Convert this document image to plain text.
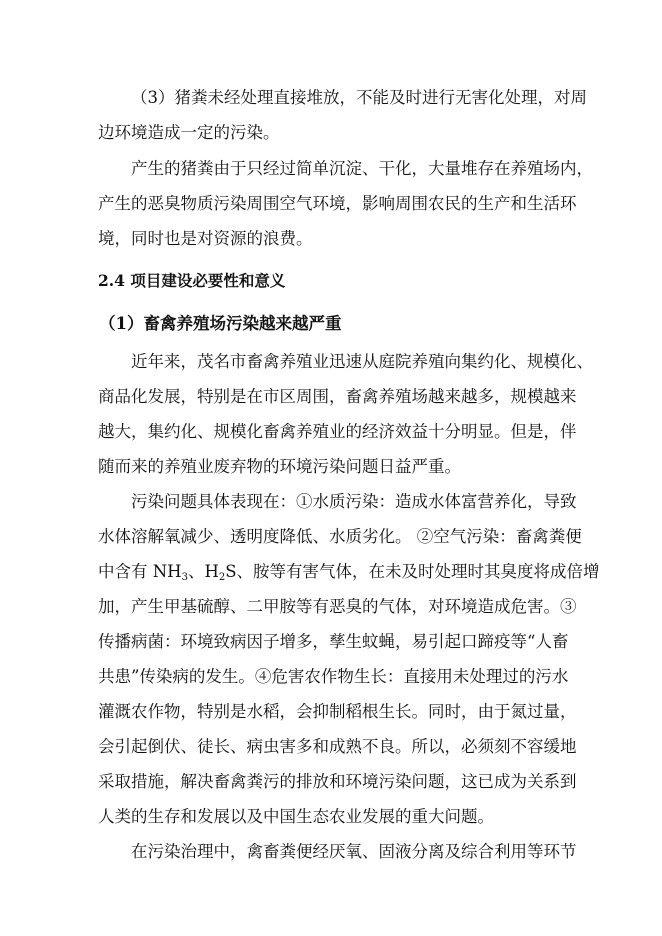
（3）猪粪未经处理直接堆放，不能及时进行无害化处理，对周
边环境造成一定的污染。
产生的猪粪由于只经过简单沉淀、干化，大量堆存在养殖场内，
产生的恶臭物质污染周围空气环境，影响周围农民的生产和生活环
境，同时也是对资源的浪费。
2.4 项目建设必要性和意义
（1）畜禽养殖场污染越来越严重
近年来，茂名市畜禽养殖业迅速从庭院养殖向集约化、规模化、
商品化发展，特别是在市区周围，畜禽养殖场越来越多，规模越来
越大，集约化、规模化畜禽养殖业的经济效益十分明显。但是，伴
随而来的养殖业废弃物的环境污染问题日益严重。
污染问题具体表现在：①水质污染：造成水体富营养化，导致
水体溶解氧减少、透明度降低、水质劣化。 ②空气污染：畜禽粪便
中含有 $NH_3$、$H_2S$、胺等有害气体，在未及时处理时其臭度将成倍增
加，产生甲基硫醇、二甲胺等有恶臭的气体，对环境造成危害。③
传播病菌：环境致病因子增多，孳生蚊蝇，易引起口蹄疫等“人畜
共患”传染病的发生。④危害农作物生长：直接用未处理过的污水
灌溉农作物，特别是水稻，会抑制稻根生长。同时，由于氮过量，
会引起倒伏、徒长、病虫害多和成熟不良。所以，必须刻不容缓地
采取措施，解决畜禽粪污的排放和环境污染问题，这已成为关系到
人类的生存和发展以及中国生态农业发展的重大问题。
在污染治理中，禽畜粪便经厌氧、固液分离及综合利用等环节
